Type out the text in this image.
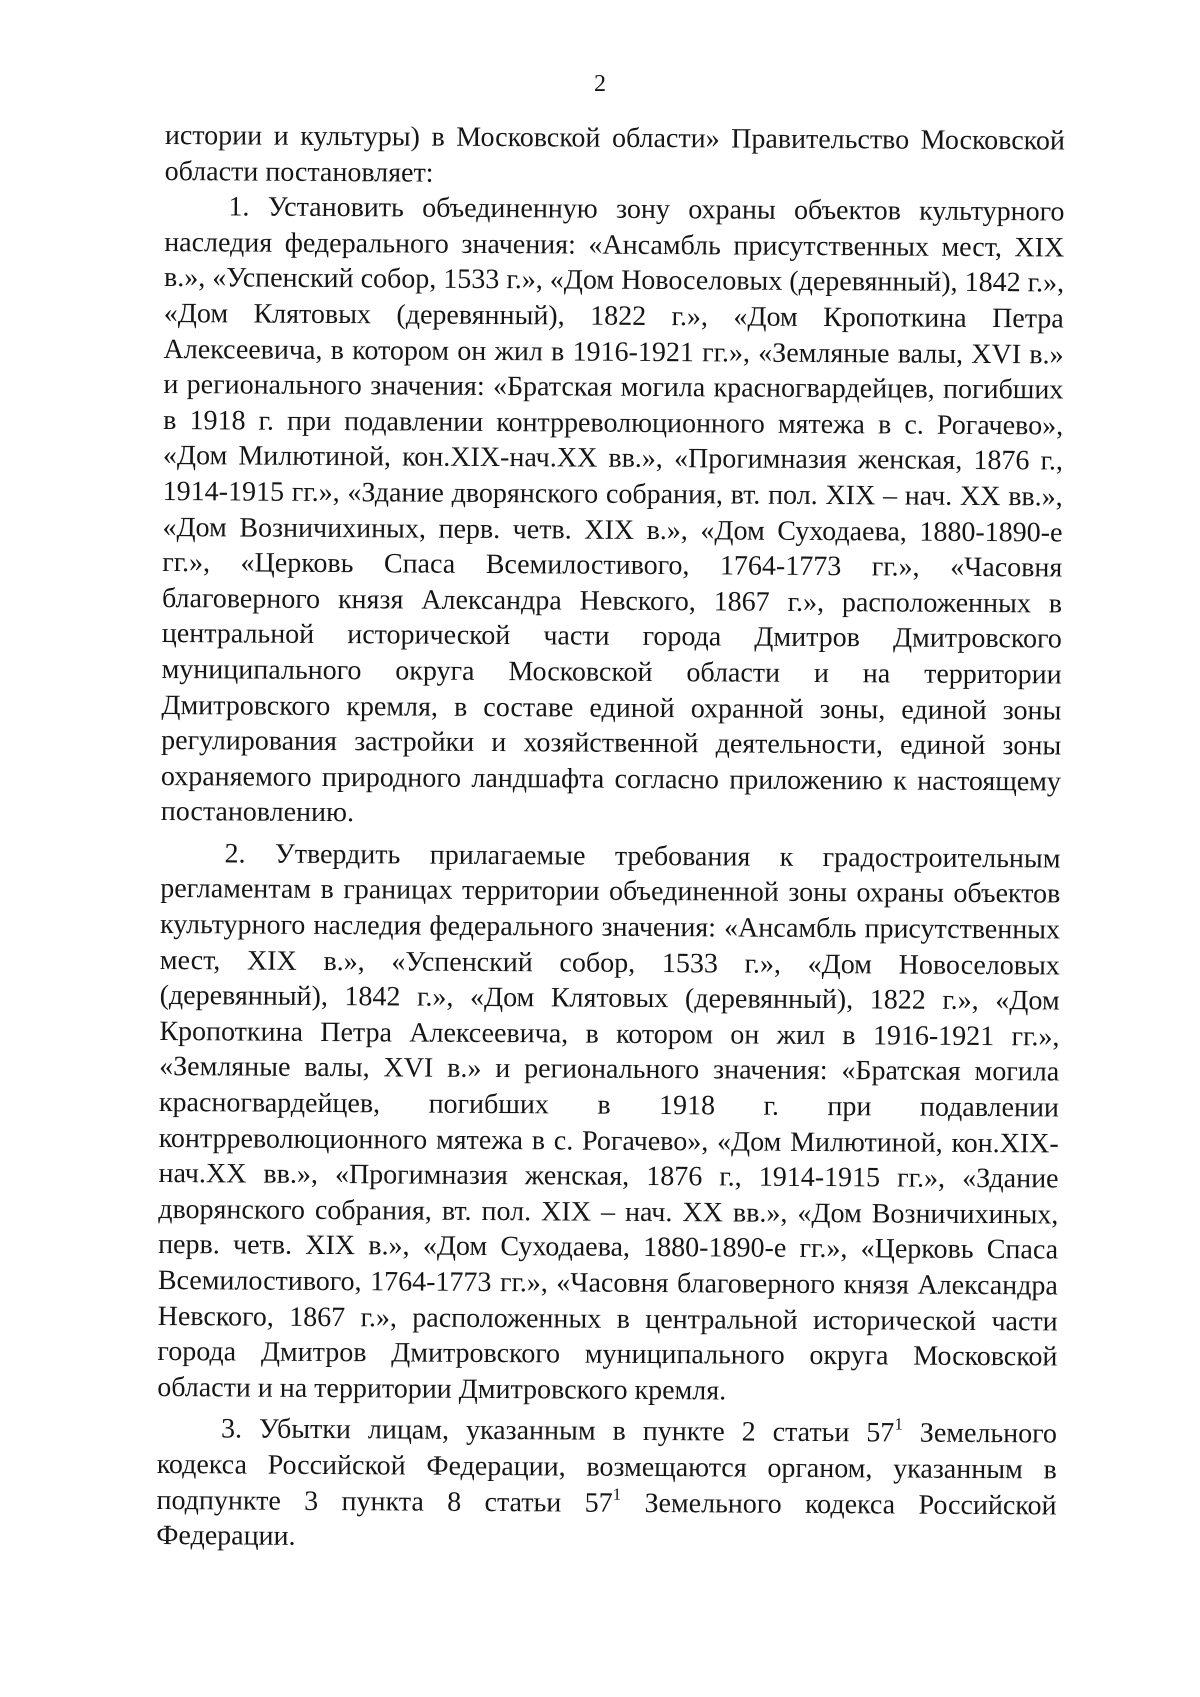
2

истории и культуры) в Московской области» Правительство Московской области постановляет:

1. Установить объединенную зону охраны объектов культурного наследия федерального значения: «Ансамбль присутственных мест, XIX в.», «Успенский собор, 1533 г.», «Дом Новоселовых (деревянный), 1842 г.», «Дом Клятовых (деревянный), 1822 г.», «Дом Кропоткина Петра Алексеевича, в котором он жил в 1916-1921 гг.», «Земляные валы, XVI в.» и регионального значения: «Братская могила красногвардейцев, погибших в 1918 г. при подавлении контрреволюционного мятежа в с. Рогачево», «Дом Милютиной, кон.XIX-нач.XX вв.», «Прогимназия женская, 1876 г., 1914-1915 гг.», «Здание дворянского собрания, вт. пол. XIX – нач. XX вв.», «Дом Возничихиных, перв. четв. XIX в.», «Дом Суходаева, 1880-1890-е гг.», «Церковь Спаса Всемилостивого, 1764-1773 гг.», «Часовня благоверного князя Александра Невского, 1867 г.», расположенных в центральной исторической части города Дмитров Дмитровского муниципального округа Московской области и на территории Дмитровского кремля, в составе единой охранной зоны, единой зоны регулирования застройки и хозяйственной деятельности, единой зоны охраняемого природного ландшафта согласно приложению к настоящему постановлению.

2. Утвердить прилагаемые требования к градостроительным регламентам в границах территории объединенной зоны охраны объектов культурного наследия федерального значения: «Ансамбль присутственных мест, XIX в.», «Успенский собор, 1533 г.», «Дом Новоселовых (деревянный), 1842 г.», «Дом Клятовых (деревянный), 1822 г.», «Дом Кропоткина Петра Алексеевича, в котором он жил в 1916-1921 гг.», «Земляные валы, XVI в.» и регионального значения: «Братская могила красногвардейцев, погибших в 1918 г. при подавлении контрреволюционного мятежа в с. Рогачево», «Дом Милютиной, кон.XIX-нач.XX вв.», «Прогимназия женская, 1876 г., 1914-1915 гг.», «Здание дворянского собрания, вт. пол. XIX – нач. XX вв.», «Дом Возничихиных, перв. четв. XIX в.», «Дом Суходаева, 1880-1890-е гг.», «Церковь Спаса Всемилостивого, 1764-1773 гг.», «Часовня благоверного князя Александра Невского, 1867 г.», расположенных в центральной исторической части города Дмитров Дмитровского муниципального округа Московской области и на территории Дмитровского кремля.

3. Убытки лицам, указанным в пункте 2 статьи $57^1$ Земельного кодекса Российской Федерации, возмещаются органом, указанным в подпункте 3 пункта 8 статьи $57^1$ Земельного кодекса Российской Федерации.
